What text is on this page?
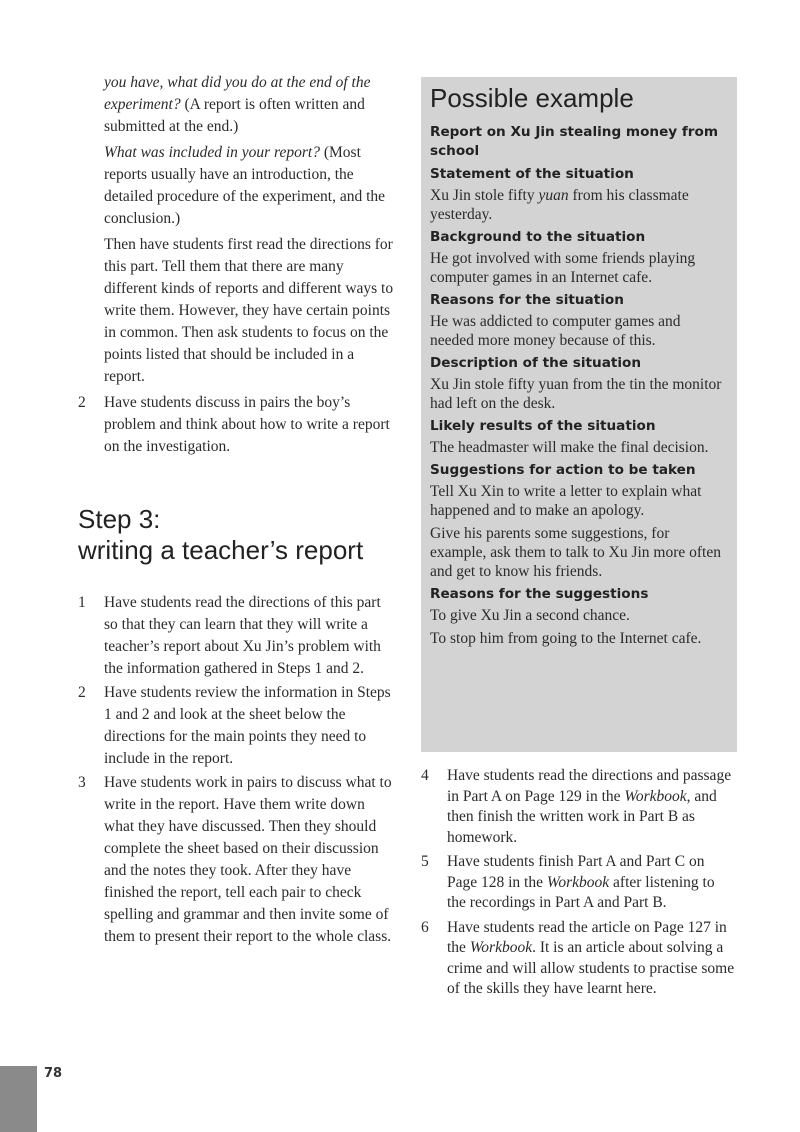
you have, what did you do at the end of the experiment? (A report is often written and submitted at the end.)

What was included in your report? (Most reports usually have an introduction, the detailed procedure of the experiment, and the conclusion.)

Then have students first read the directions for this part. Tell them that there are many different kinds of reports and different ways to write them. However, they have certain points in common. Then ask students to focus on the points listed that should be included in a report.

2 Have students discuss in pairs the boy’s problem and think about how to write a report on the investigation.
Step 3:
writing a teacher’s report
1 Have students read the directions of this part so that they can learn that they will write a teacher’s report about Xu Jin’s problem with the information gathered in Steps 1 and 2.
2 Have students review the information in Steps 1 and 2 and look at the sheet below the directions for the main points they need to include in the report.
3 Have students work in pairs to discuss what to write in the report. Have them write down what they have discussed. Then they should complete the sheet based on their discussion and the notes they took. After they have finished the report, tell each pair to check spelling and grammar and then invite some of them to present their report to the whole class.
Possible example
Report on Xu Jin stealing money from school
Statement of the situation

Xu Jin stole fifty yuan from his classmate yesterday.

Background to the situation

He got involved with some friends playing computer games in an Internet cafe.

Reasons for the situation

He was addicted to computer games and needed more money because of this.

Description of the situation

Xu Jin stole fifty yuan from the tin the monitor had left on the desk.

Likely results of the situation

The headmaster will make the final decision.

Suggestions for action to be taken

Tell Xu Xin to write a letter to explain what happened and to make an apology.

Give his parents some suggestions, for example, ask them to talk to Xu Jin more often and get to know his friends.

Reasons for the suggestions

To give Xu Jin a second chance.

To stop him from going to the Internet cafe.

4 Have students read the directions and passage in Part A on Page 129 in the Workbook, and then finish the written work in Part B as homework.
5 Have students finish Part A and Part C on Page 128 in the Workbook after listening to the recordings in Part A and Part B.
6 Have students read the article on Page 127 in the Workbook. It is an article about solving a crime and will allow students to practise some of the skills they have learnt here.
78
